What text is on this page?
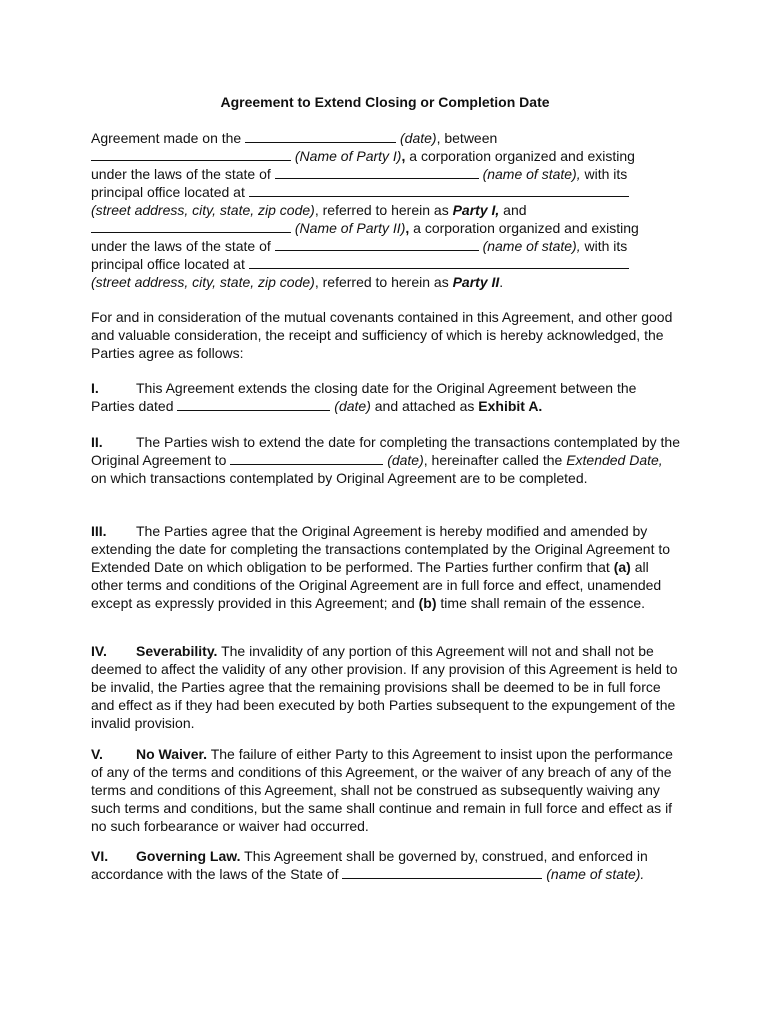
Agreement to Extend Closing or Completion Date

Agreement made on the	(date), between

(Name of Party I), a corporation organized and existing

under the laws of the state of	(name of state), with its

principal office located at

(street address, city, state, zip code), referred to herein as Party I, and

(Name of Party II), a corporation organized and existing

under the laws of the state of	(name of state), with its

principal office located at

(street address, city, state, zip code), referred to herein as Party II.

For and in consideration of the mutual covenants contained in this Agreement, and other good and valuable consideration, the receipt and sufficiency of which is hereby acknowledged, the Parties agree as follows:

I.	This Agreement extends the closing date for the Original Agreement between the Parties dated	(date) and attached as Exhibit A.

II. The Parties wish to extend the date for completing the transactions contemplated by the Original Agreement to	(date), hereinafter called the Extended Date, on which transactions contemplated by Original Agreement are to be completed.

III. The Parties agree that the Original Agreement is hereby modified and amended by extending the date for completing the transactions contemplated by the Original Agreement to Extended Date on which obligation to be performed. The Parties further confirm that (a) all other terms and conditions of the Original Agreement are in full force and effect, unamended except as expressly provided in this Agreement; and (b) time shall remain of the essence.

IV. Severability. The invalidity of any portion of this Agreement will not and shall not be deemed to affect the validity of any other provision. If any provision of this Agreement is held to be invalid, the Parties agree that the remaining provisions shall be deemed to be in full force and effect as if they had been executed by both Parties subsequent to the expungement of the invalid provision.

V. No Waiver. The failure of either Party to this Agreement to insist upon the performance of any of the terms and conditions of this Agreement, or the waiver of any breach of any of the terms and conditions of this Agreement, shall not be construed as subsequently waiving any such terms and conditions, but the same shall continue and remain in full force and effect as if no such forbearance or waiver had occurred.

VI. Governing Law. This Agreement shall be governed by, construed, and enforced in accordance with the laws of the State of	(name of state).
